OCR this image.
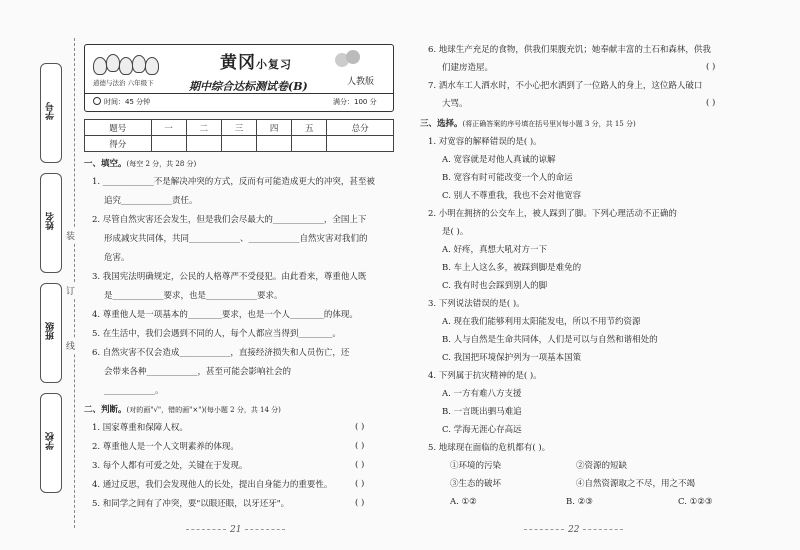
学号
姓名
班级
学校
装
订
线
黄冈小复习
道德与法治 六年级下	期中综合达标测试卷(B)	人教版
时间：45 分钟	满分：100 分
题号	一	二	三	四	五	总分
得分						
一、填空。(每空 2 分，共 28 分)
1. ____________不是解决冲突的方式，反而有可能造成更大的冲突，甚至被
追究____________责任。
2. 尽管自然灾害还会发生，但是我们会尽最大的____________，全国上下
形成减灾共同体，共同____________、____________自然灾害对我们的
危害。
3. 我国宪法明确规定，公民的人格尊严不受侵犯。由此看来，尊重他人既
是____________要求，也是____________要求。
4. 尊重他人是一项基本的________要求，也是一个人________的体现。
5. 在生活中，我们会遇到不同的人，每个人都应当得到________。
6. 自然灾害不仅会造成____________，直接经济损失和人员伤亡，还
会带来各种____________，甚至可能会影响社会的
____________。
二、判断。(对的画"√"，错的画"×")(每小题 2 分，共 14 分)
1. 国家尊重和保障人权。	( )
2. 尊重他人是一个人文明素养的体现。	( )
3. 每个人都有可爱之处，关键在于发现。	( )
4. 通过反思，我们会发现他人的长处，提出自身能力的重要性。	( )
5. 和同学之间有了冲突，要"以眼还眼，以牙还牙"。	( )
21
6. 地球生产充足的食物，供我们果腹充饥；她奉献丰富的土石和森林，供我
们建房造屋。	( )
7. 洒水车工人洒水时，不小心把水洒到了一位路人的身上，这位路人破口
大骂。	( )
三、选择。(将正确答案的序号填在括号里)(每小题 3 分，共 15 分)
1. 对宽容的解释错误的是( )。
A. 宽容就是对他人真诚的谅解
B. 宽容有时可能改变一个人的命运
C. 别人不尊重我，我也不会对他宽容
2. 小明在拥挤的公交车上，被人踩到了脚。下列心理活动不正确的
是( )。
A. 好疼，真想大吼对方一下
B. 车上人这么多，被踩到脚是难免的
C. 我有时也会踩到别人的脚
3. 下列说法错误的是( )。
A. 现在我们能够利用太阳能发电，所以不用节约资源
B. 人与自然是生命共同体，人们是可以与自然和谐相处的
C. 我国把环境保护列为一项基本国策
4. 下列属于抗灾精神的是( )。
A. 一方有难八方支援
B. 一言既出驷马难追
C. 学海无涯心存高远
5. 地球现在面临的危机都有( )。
①环境的污染	②资源的短缺
③生态的破坏	④自然资源取之不尽，用之不竭
A. ①②	B. ②③	C. ①②③
22
